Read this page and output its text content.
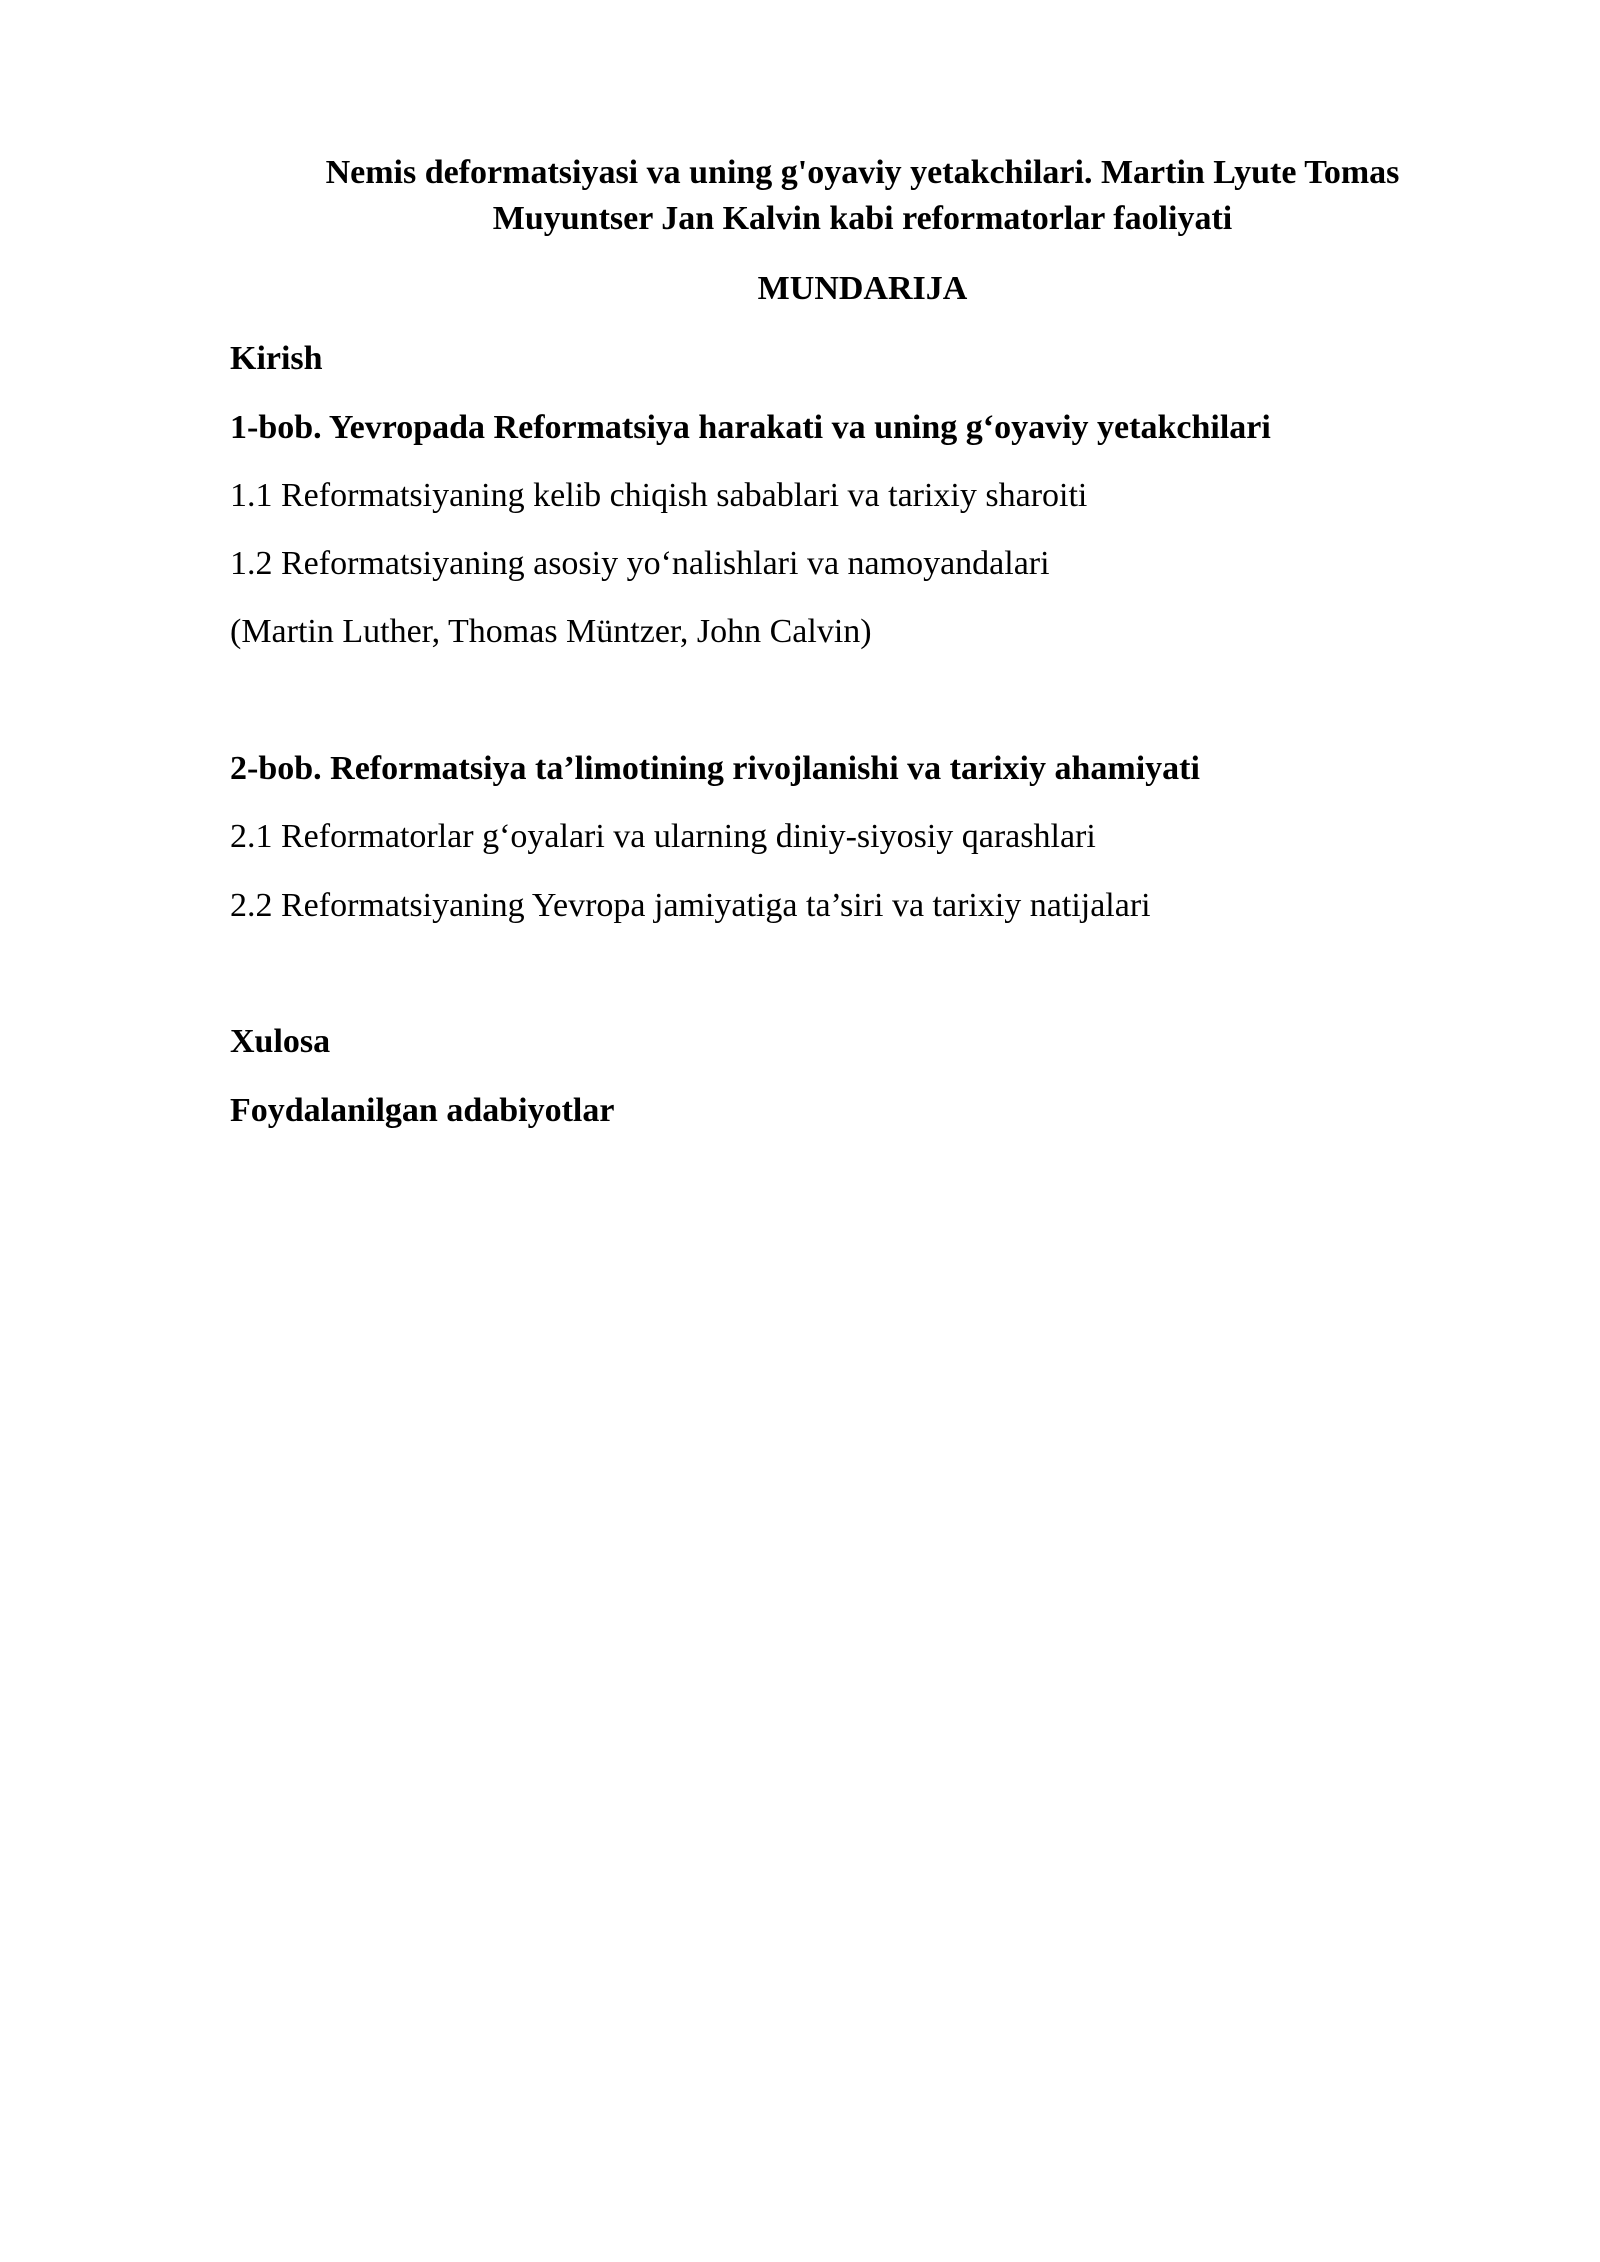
Nemis deformatsiyasi va uning g'oyaviy yetakchilari. Martin Lyute Tomas
Muyuntser Jan Kalvin kabi reformatorlar faoliyati
MUNDARIJA
Kirish
1-bob. Yevropada Reformatsiya harakati va uning g‘oyaviy yetakchilari
1.1 Reformatsiyaning kelib chiqish sabablari va tarixiy sharoiti
1.2 Reformatsiyaning asosiy yo‘nalishlari va namoyandalari
(Martin Luther, Thomas Müntzer, John Calvin)
2-bob. Reformatsiya ta’limotining rivojlanishi va tarixiy ahamiyati
2.1 Reformatorlar g‘oyalari va ularning diniy-siyosiy qarashlari
2.2 Reformatsiyaning Yevropa jamiyatiga ta’siri va tarixiy natijalari
Xulosa
Foydalanilgan adabiyotlar
